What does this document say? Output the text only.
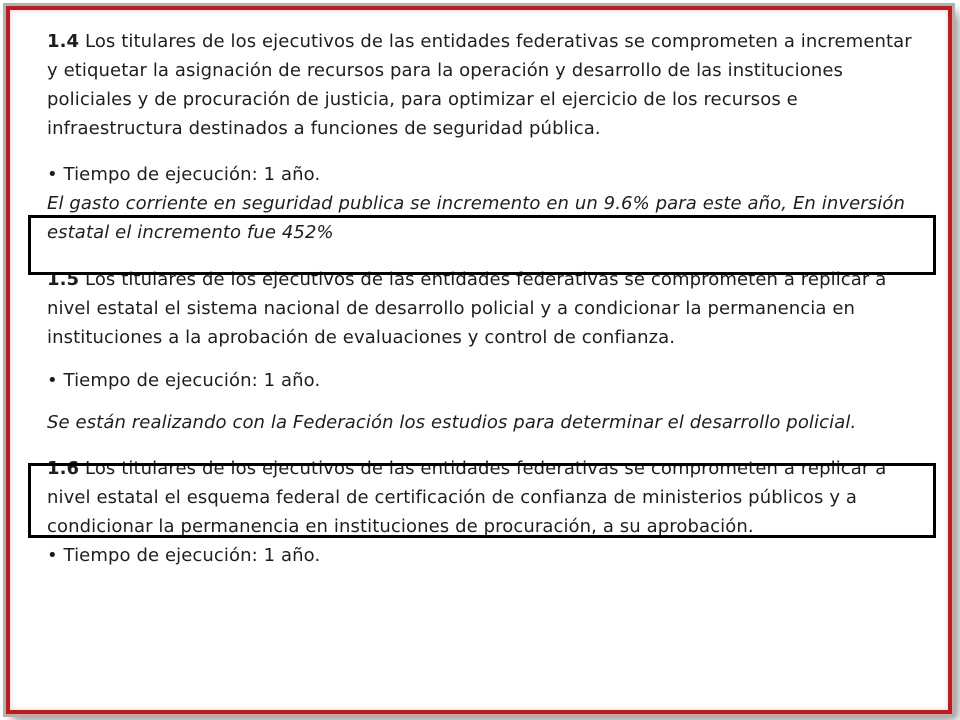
1.4 Los titulares de los ejecutivos de las entidades federativas se comprometen a incrementar y etiquetar la asignación de recursos para la operación y desarrollo de las instituciones policiales y de procuración de justicia, para optimizar el ejercicio de los recursos e infraestructura destinados a funciones de seguridad pública.
• Tiempo de ejecución: 1 año.
El gasto corriente en seguridad publica se incremento en un 9.6% para este año, En inversión estatal el incremento fue 452%
1.5 Los titulares de los ejecutivos de las entidades federativas se comprometen a replicar a nivel estatal el sistema nacional de desarrollo policial y a condicionar la permanencia en instituciones a la aprobación de evaluaciones y control de confianza.
• Tiempo de ejecución: 1 año.
Se están realizando con la Federación los estudios para determinar el desarrollo policial.
1.6 Los titulares de los ejecutivos de las entidades federativas se comprometen a replicar a nivel estatal el esquema federal de certificación de confianza de ministerios públicos y a condicionar la permanencia en instituciones de procuración, a su aprobación.
• Tiempo de ejecución: 1 año.
